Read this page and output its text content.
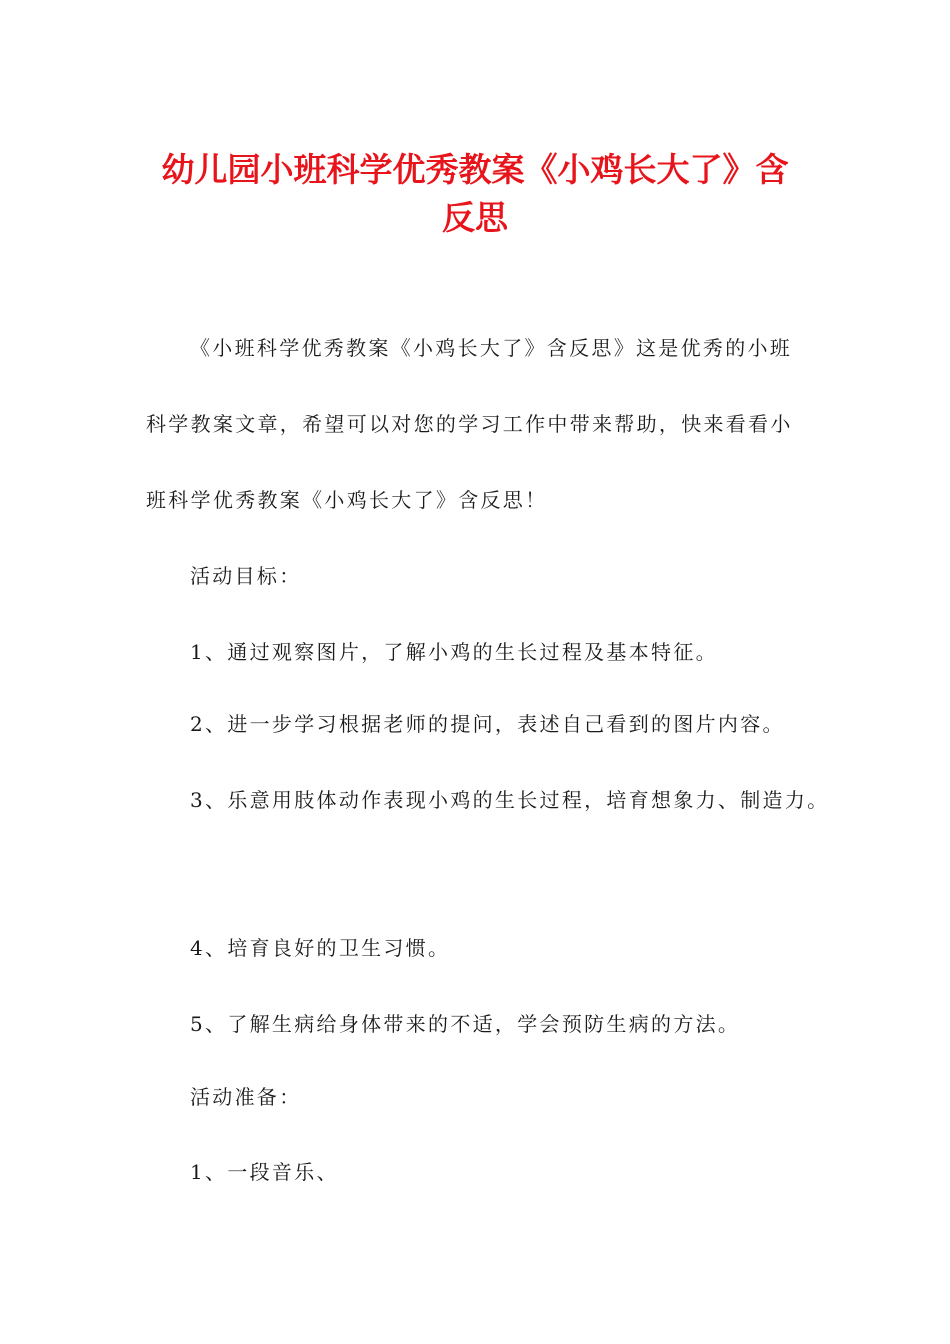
幼儿园小班科学优秀教案《小鸡长大了》含
反思

《小班科学优秀教案《小鸡长大了》含反思》这是优秀的小班

科学教案文章，希望可以对您的学习工作中带来帮助，快来看看小

班科学优秀教案《小鸡长大了》含反思！

活动目标：

1、通过观察图片，了解小鸡的生长过程及基本特征。

2、进一步学习根据老师的提问，表述自己看到的图片内容。

3、乐意用肢体动作表现小鸡的生长过程，培育想象力、制造力。

4、培育良好的卫生习惯。

5、了解生病给身体带来的不适，学会预防生病的方法。

活动准备：

1、一段音乐、
